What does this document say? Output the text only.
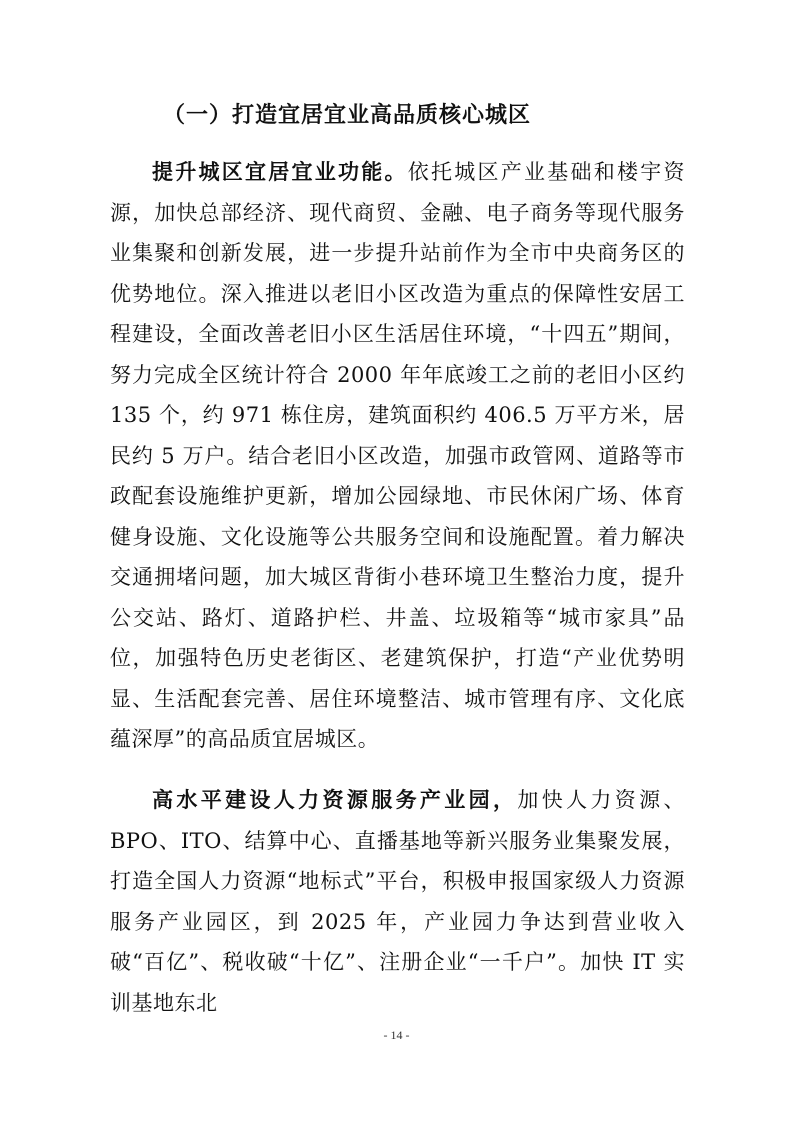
（一）打造宜居宜业高品质核心城区

提升城区宜居宜业功能。依托城区产业基础和楼宇资源，加快总部经济、现代商贸、金融、电子商务等现代服务业集聚和创新发展，进一步提升站前作为全市中央商务区的优势地位。深入推进以老旧小区改造为重点的保障性安居工程建设，全面改善老旧小区生活居住环境，“十四五”期间，努力完成全区统计符合 2000 年年底竣工之前的老旧小区约 135 个，约 971 栋住房，建筑面积约 406.5 万平方米，居民约 5 万户。结合老旧小区改造，加强市政管网、道路等市政配套设施维护更新，增加公园绿地、市民休闲广场、体育健身设施、文化设施等公共服务空间和设施配置。着力解决交通拥堵问题，加大城区背街小巷环境卫生整治力度，提升公交站、路灯、道路护栏、井盖、垃圾箱等“城市家具”品位，加强特色历史老街区、老建筑保护，打造“产业优势明显、生活配套完善、居住环境整洁、城市管理有序、文化底蕴深厚”的高品质宜居城区。

高水平建设人力资源服务产业园，加快人力资源、BPO、ITO、结算中心、直播基地等新兴服务业集聚发展，打造全国人力资源“地标式”平台，积极申报国家级人力资源服务产业园区，到 2025 年，产业园力争达到营业收入破“百亿”、税收破“十亿”、注册企业“一千户”。加快 IT 实训基地东北

- 14 -
